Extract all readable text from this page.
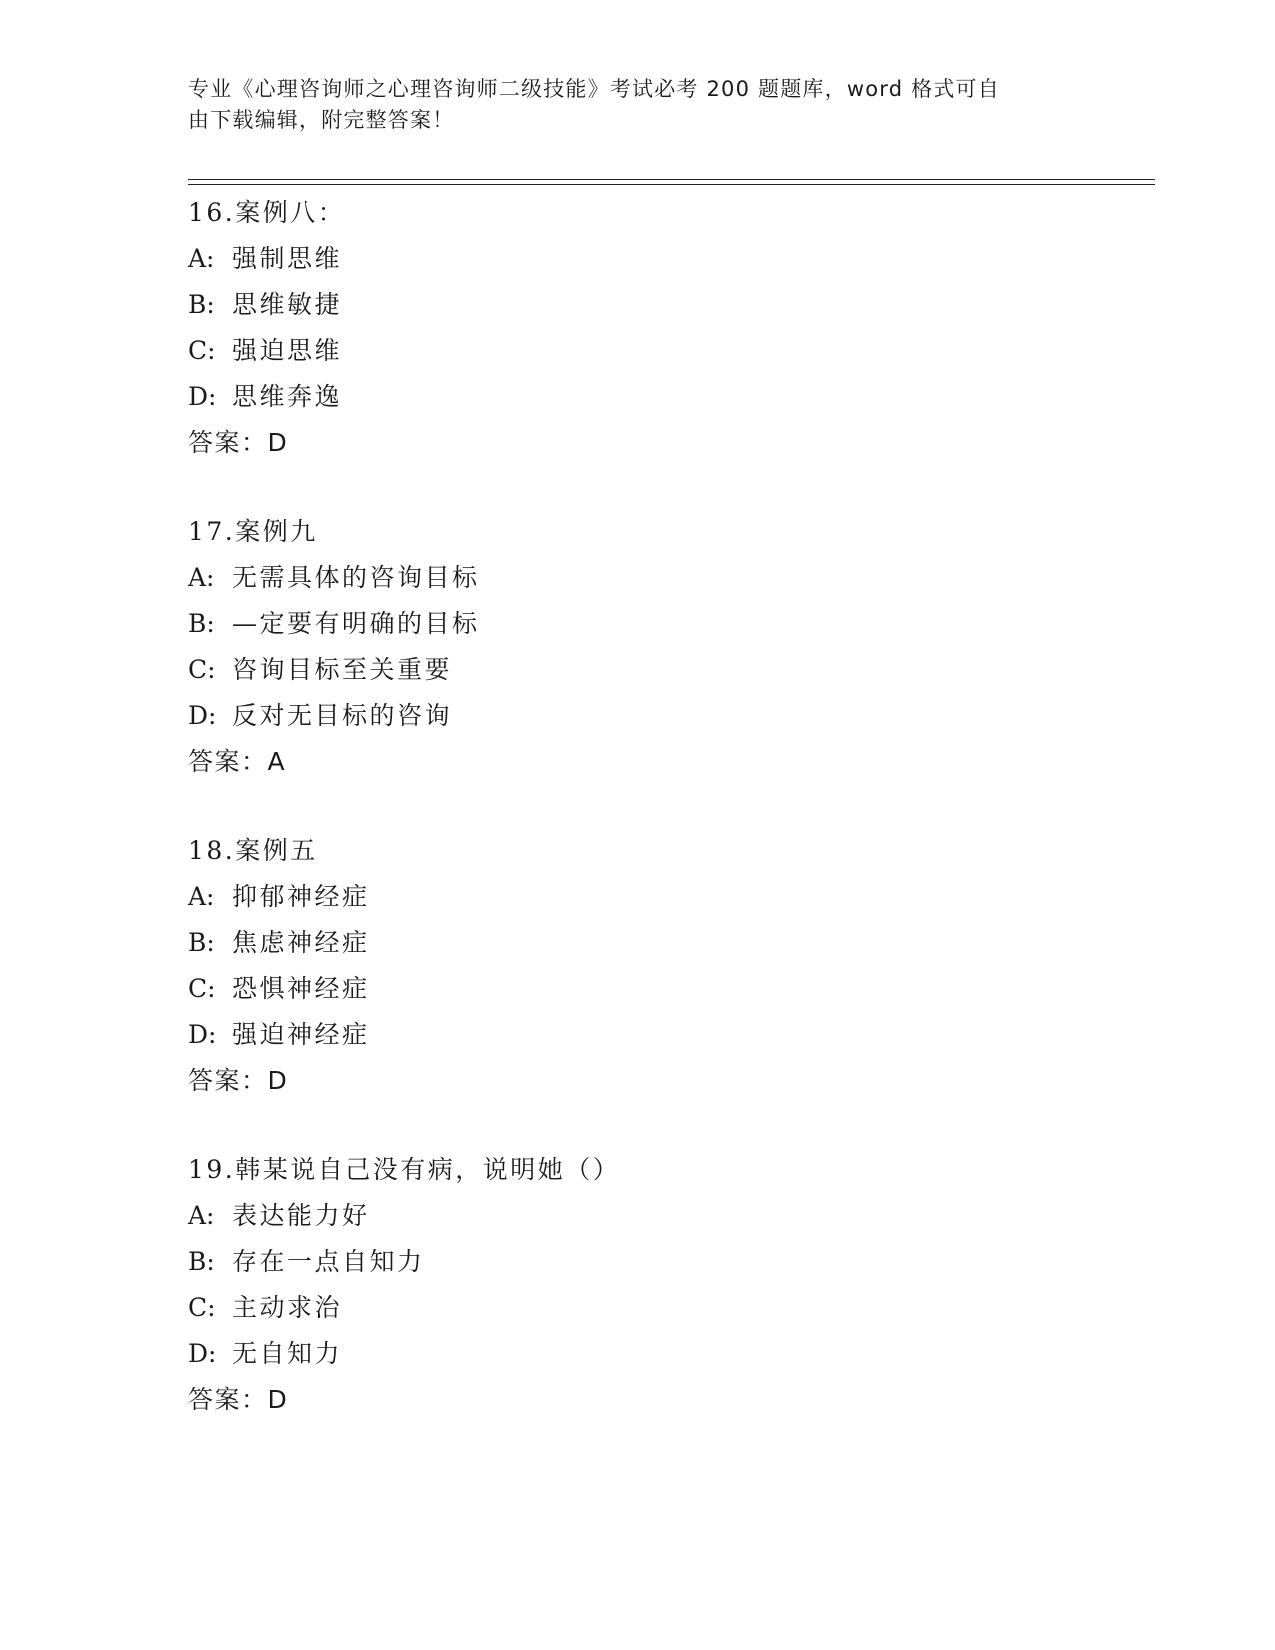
专业《心理咨询师之心理咨询师二级技能》考试必考 200 题题库，word 格式可自
由下载编辑，附完整答案！
16.案例八：
A: 强制思维
B: 思维敏捷
C: 强迫思维
D: 思维奔逸
答案：D
17.案例九
A: 无需具体的咨询目标
B: —定要有明确的目标
C: 咨询目标至关重要
D: 反对无目标的咨询
答案：A
18.案例五
A: 抑郁神经症
B: 焦虑神经症
C: 恐惧神经症
D: 强迫神经症
答案：D
19.韩某说自己没有病，说明她（）
A: 表达能力好
B: 存在一点自知力
C: 主动求治
D: 无自知力
答案：D
